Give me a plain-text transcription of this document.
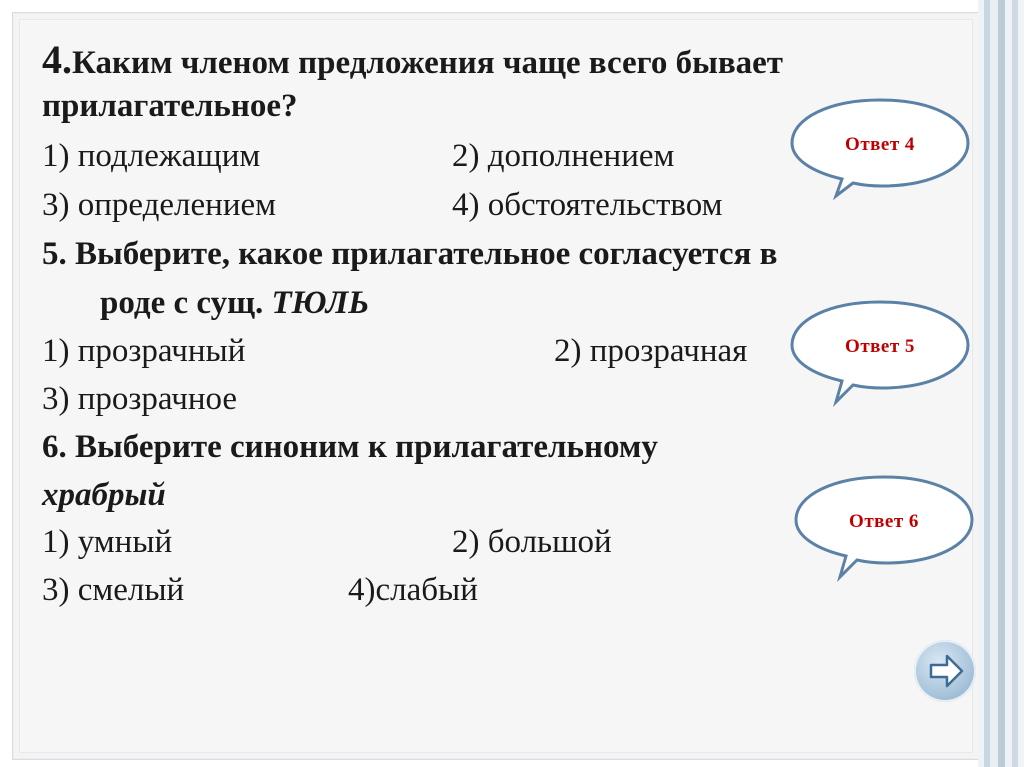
4.Каким членом предложения чаще всего бывает
прилагательное?
1) подлежащим	2) дополнением
3) определением	4) обстоятельством
5. Выберите, какое прилагательное согласуется в
роде с сущ. ТЮЛЬ
1) прозрачный	2) прозрачная
3) прозрачное
6. Выберите синоним к прилагательному
храбрый
1) умный	2) большой
3) смелый	4)слабый
Ответ 4
Ответ 5
Ответ 6
